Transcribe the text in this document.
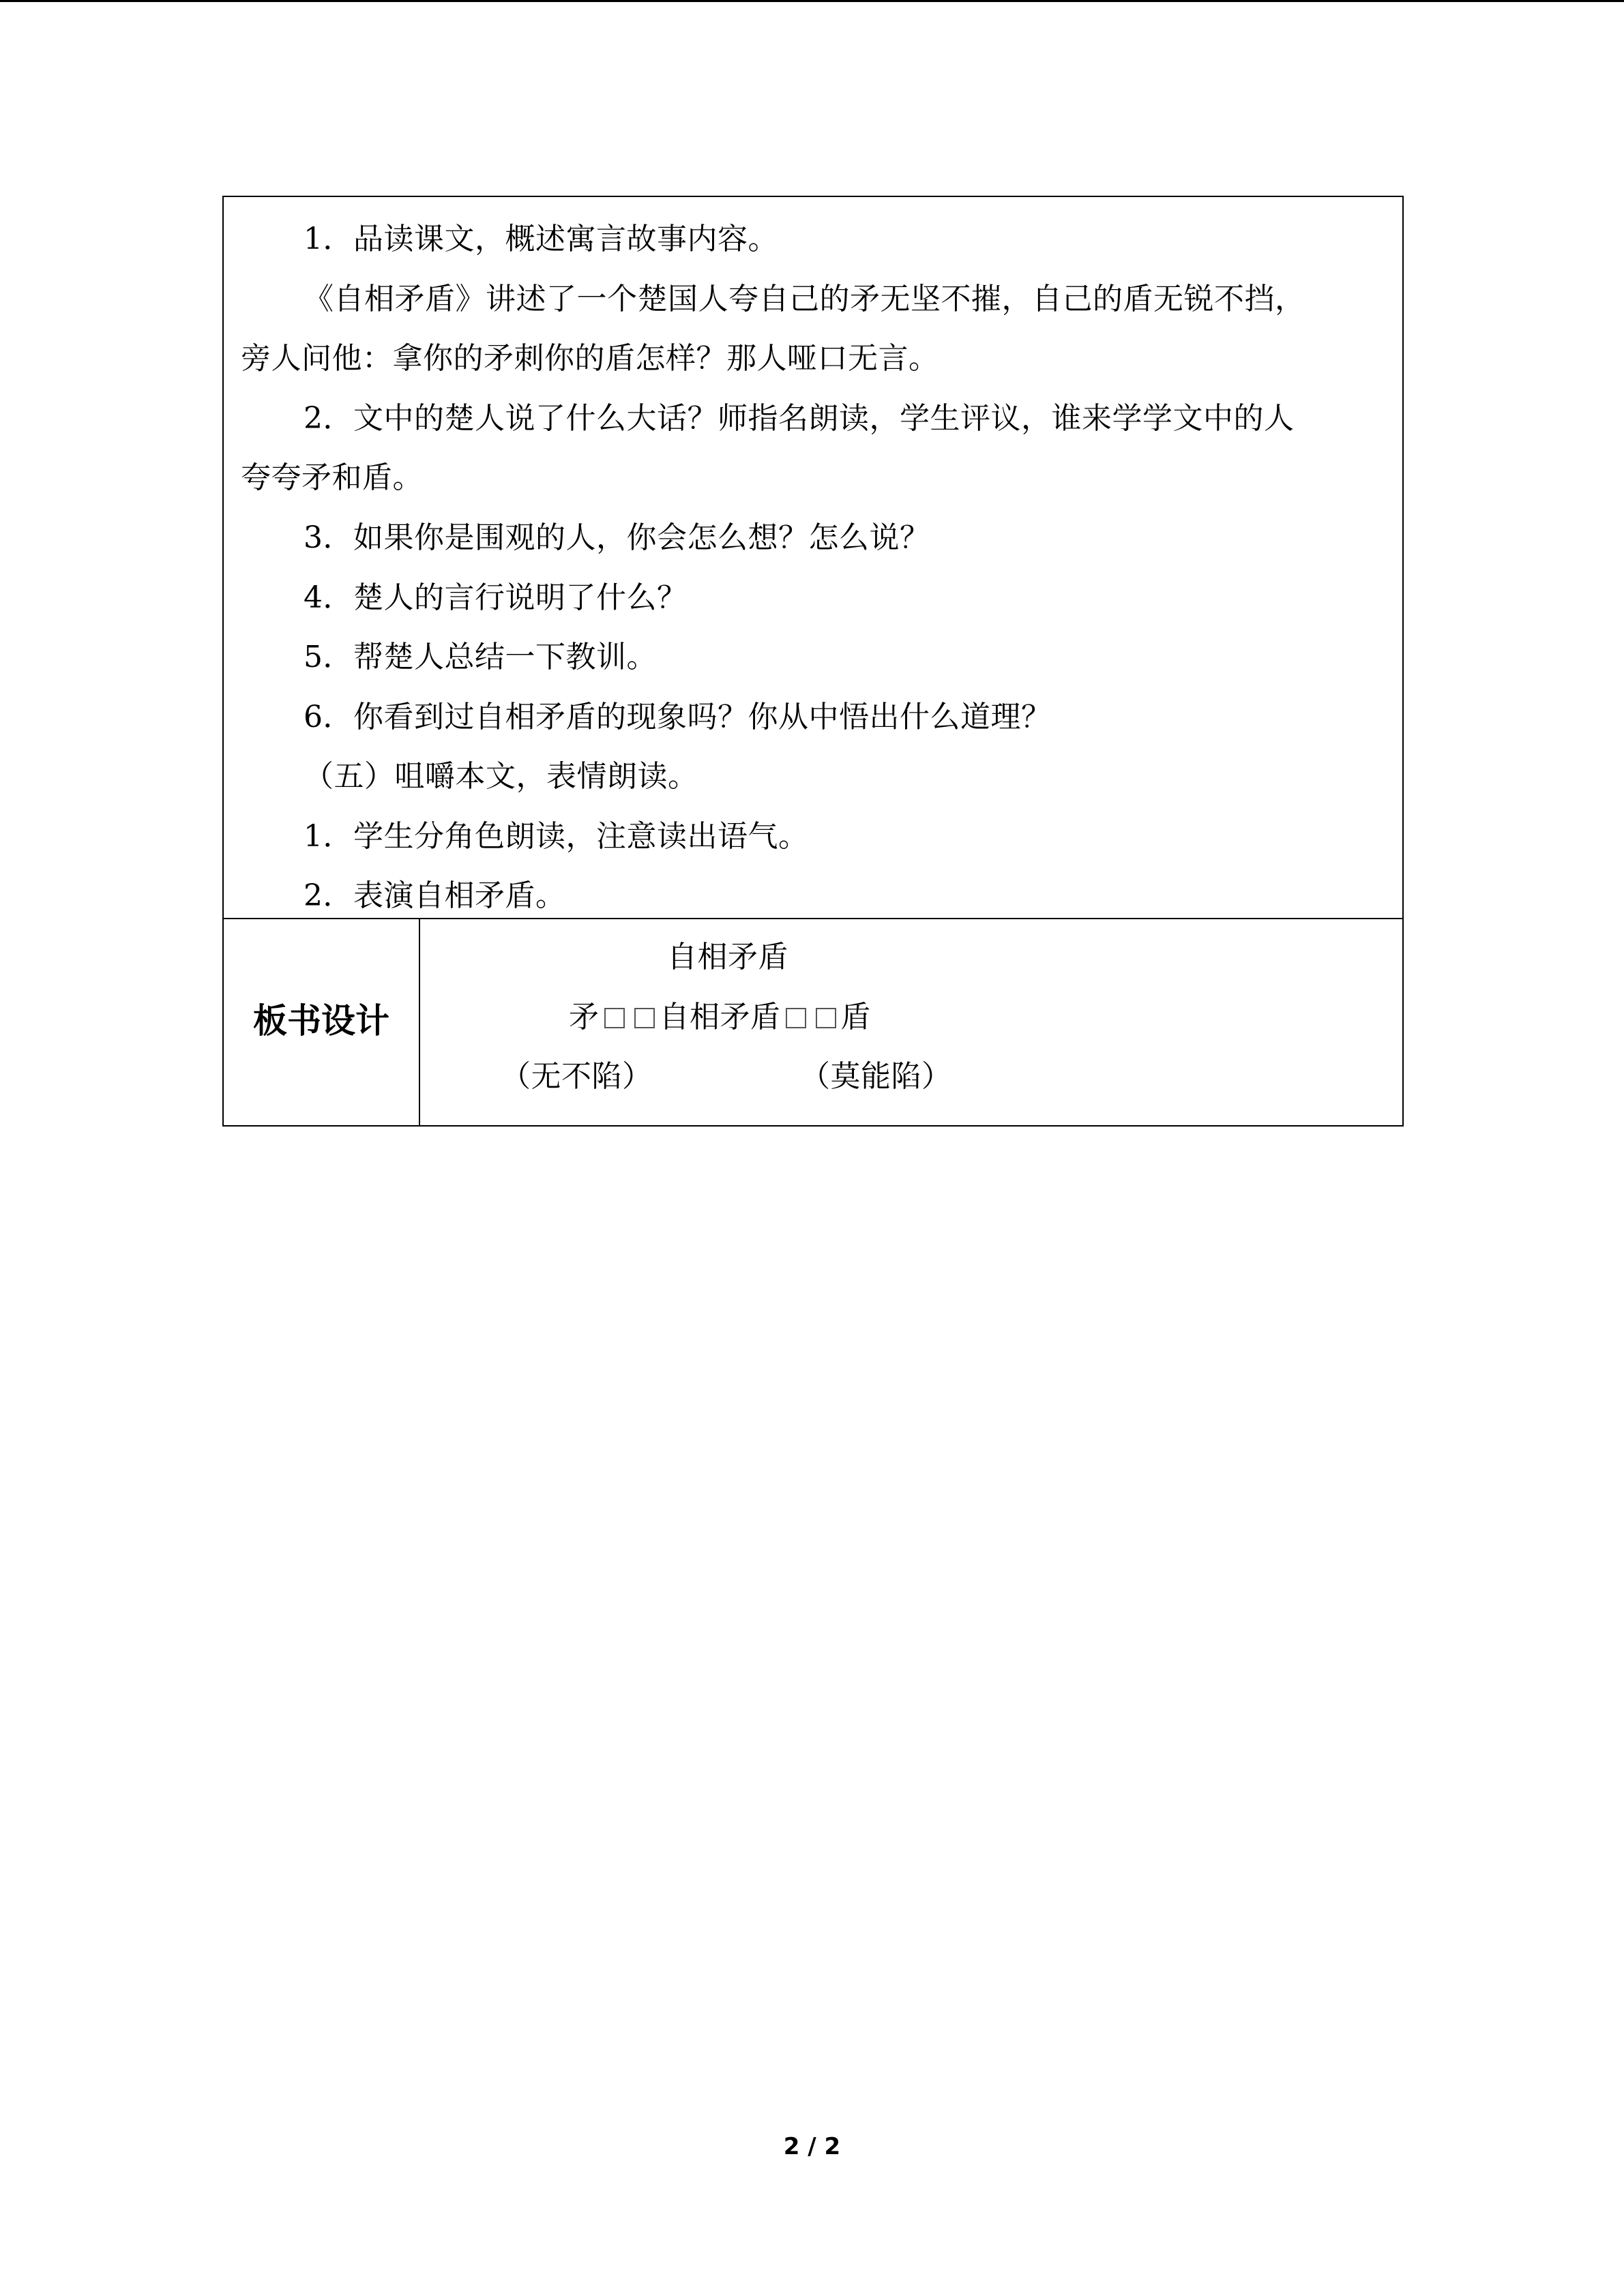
1．品读课文，概述寓言故事内容。
《自相矛盾》讲述了一个楚国人夸自己的矛无坚不摧，自己的盾无锐不挡，
旁人问他：拿你的矛刺你的盾怎样？那人哑口无言。
2．文中的楚人说了什么大话？师指名朗读，学生评议，谁来学学文中的人
夸夸矛和盾。
3．如果你是围观的人，你会怎么想？怎么说？
4．楚人的言行说明了什么？
5．帮楚人总结一下教训。
6．你看到过自相矛盾的现象吗？你从中悟出什么道理？
（五）咀嚼本文，表情朗读。
1．学生分角色朗读，注意读出语气。
2．表演自相矛盾。
板书设计
自相矛盾
矛 自相矛盾 盾
（无不陷）	（莫能陷）
2 / 2
